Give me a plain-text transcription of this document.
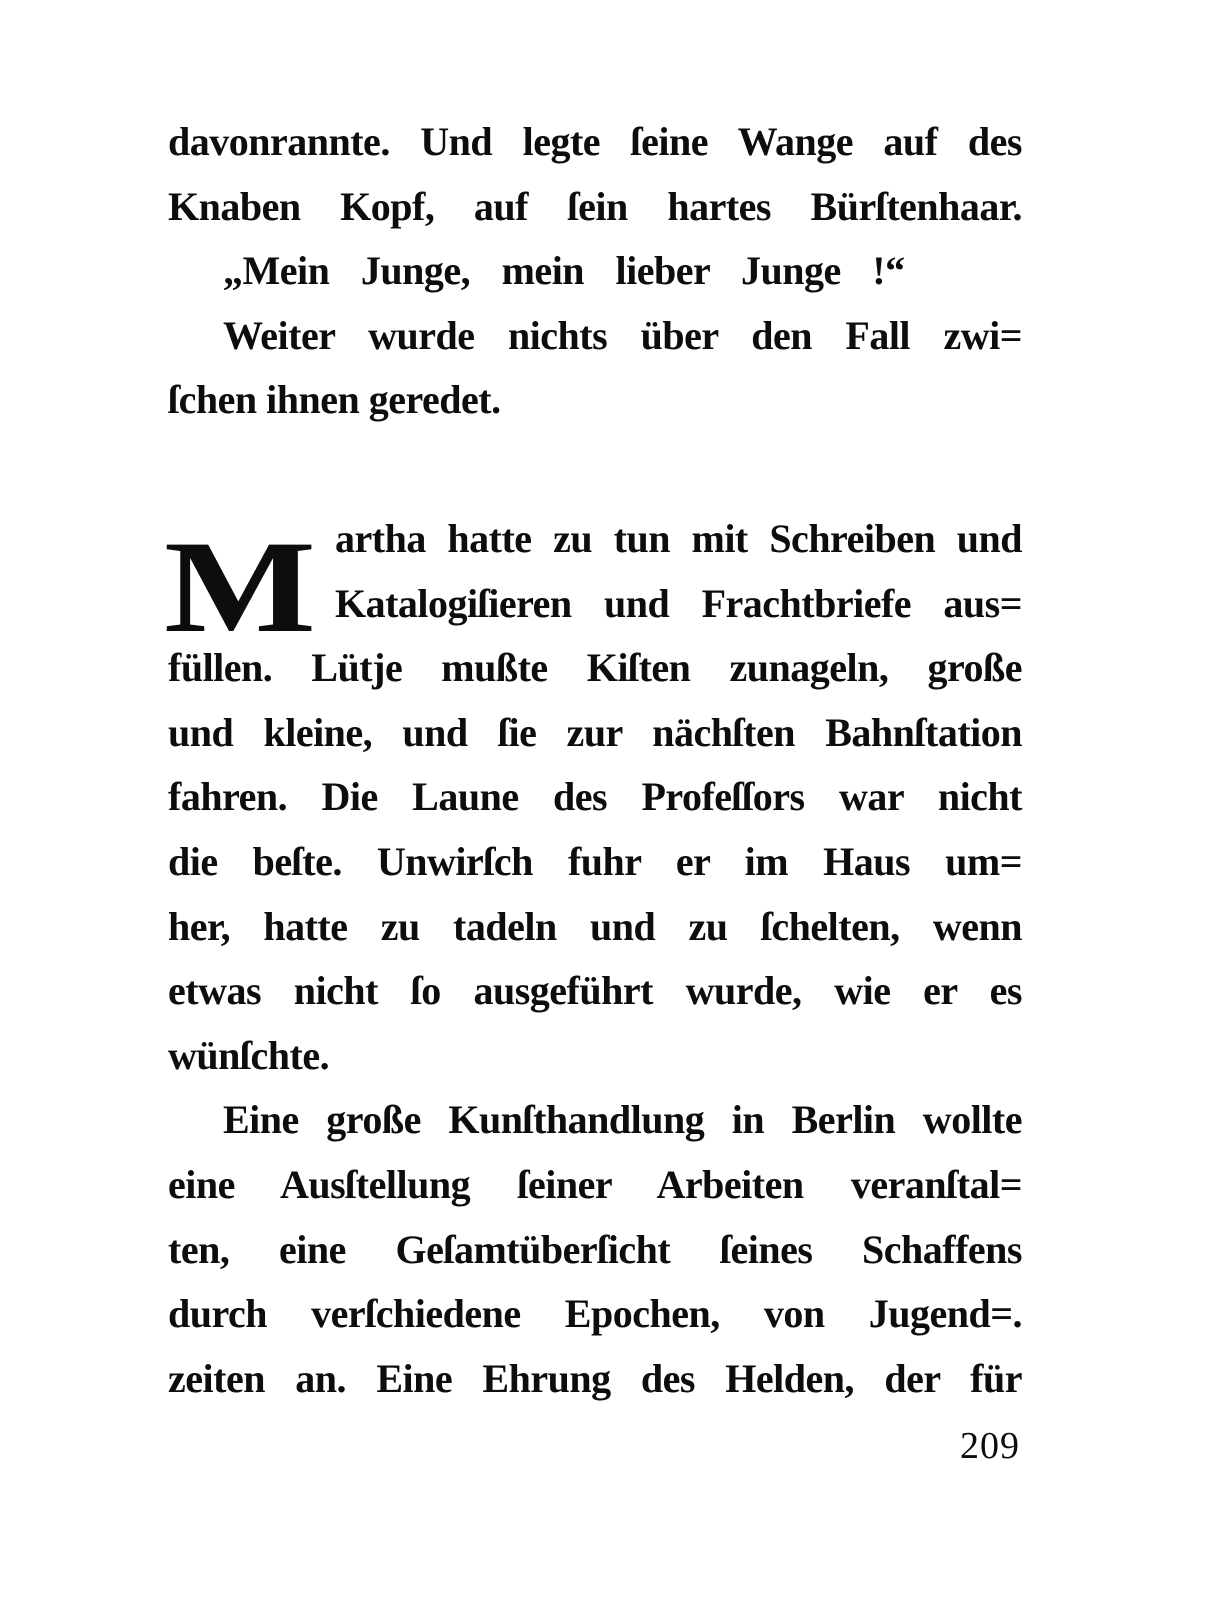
davonrannte. Und legte ſeine Wange auf des
Knaben Kopf, auf ſein hartes Bürſtenhaar.
„Mein Junge, mein lieber Junge !“
Weiter wurde nichts über den Fall zwi=
ſchen ihnen geredet.
M artha hatte zu tun mit Schreiben und
Katalogiſieren und Frachtbriefe aus=
füllen. Lütje mußte Kiſten zunageln, große
und kleine, und ſie zur nächſten Bahnſtation
fahren. Die Laune des Profeſſors war nicht
die beſte. Unwirſch fuhr er im Haus um=
her, hatte zu tadeln und zu ſchelten, wenn
etwas nicht ſo ausgeführt wurde, wie er es
wünſchte.
Eine große Kunſthandlung in Berlin wollte
eine Ausſtellung ſeiner Arbeiten veranſtal=
ten, eine Geſamtüberſicht ſeines Schaffens
durch verſchiedene Epochen, von Jugend=.
zeiten an. Eine Ehrung des Helden, der für
209
